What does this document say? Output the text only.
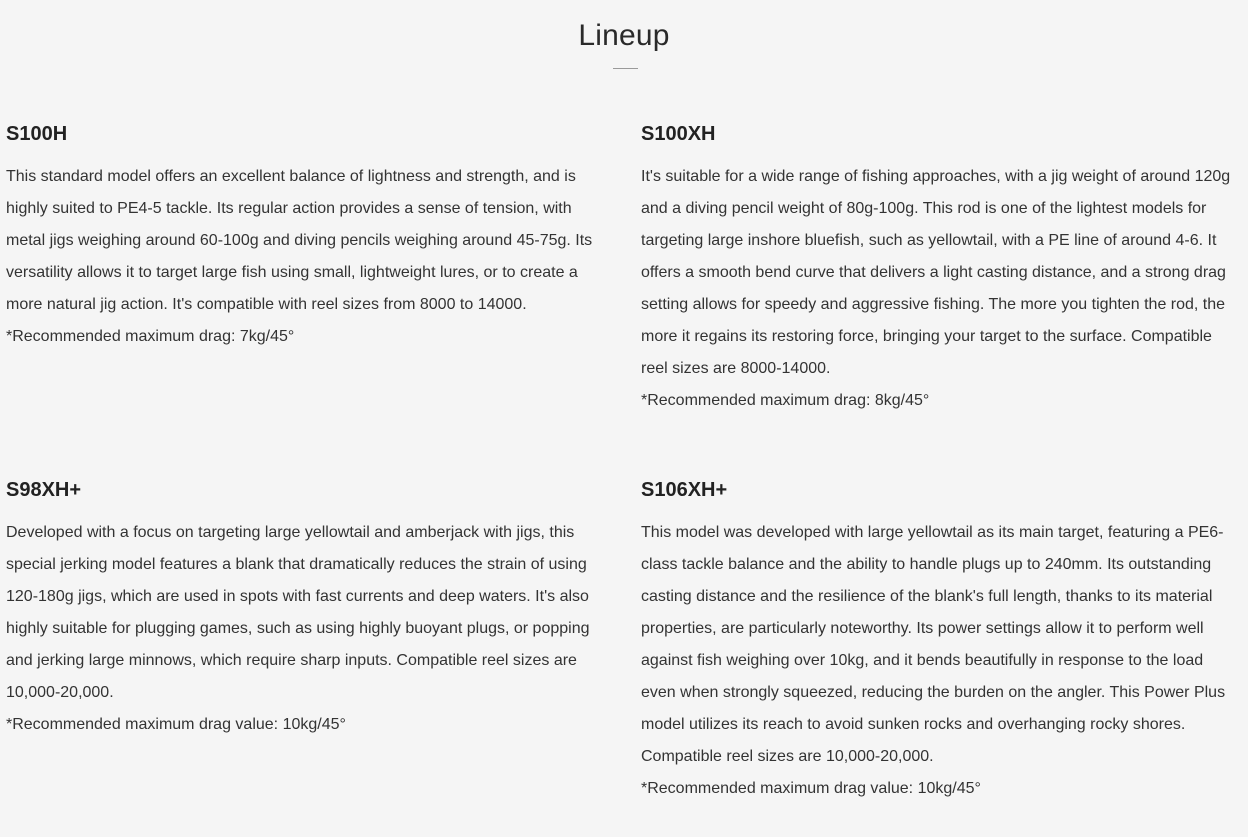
Lineup
S100H

This standard model offers an excellent balance of lightness and strength, and is highly suited to PE4-5 tackle. Its regular action provides a sense of tension, with metal jigs weighing around 60-100g and diving pencils weighing around 45-75g. Its versatility allows it to target large fish using small, lightweight lures, or to create a more natural jig action. It's compatible with reel sizes from 8000 to 14000.

*Recommended maximum drag: 7kg/45°

S100XH

It's suitable for a wide range of fishing approaches, with a jig weight of around 120g and a diving pencil weight of 80g-100g. This rod is one of the lightest models for targeting large inshore bluefish, such as yellowtail, with a PE line of around 4-6. It offers a smooth bend curve that delivers a light casting distance, and a strong drag setting allows for speedy and aggressive fishing. The more you tighten the rod, the more it regains its restoring force, bringing your target to the surface. Compatible reel sizes are 8000-14000.

*Recommended maximum drag: 8kg/45°

S98XH+

Developed with a focus on targeting large yellowtail and amberjack with jigs, this special jerking model features a blank that dramatically reduces the strain of using 120-180g jigs, which are used in spots with fast currents and deep waters. It's also highly suitable for plugging games, such as using highly buoyant plugs, or popping and jerking large minnows, which require sharp inputs. Compatible reel sizes are 10,000-20,000.

*Recommended maximum drag value: 10kg/45°

S106XH+

This model was developed with large yellowtail as its main target, featuring a PE6-class tackle balance and the ability to handle plugs up to 240mm. Its outstanding casting distance and the resilience of the blank's full length, thanks to its material properties, are particularly noteworthy. Its power settings allow it to perform well against fish weighing over 10kg, and it bends beautifully in response to the load even when strongly squeezed, reducing the burden on the angler. This Power Plus model utilizes its reach to avoid sunken rocks and overhanging rocky shores. Compatible reel sizes are 10,000-20,000.

*Recommended maximum drag value: 10kg/45°
